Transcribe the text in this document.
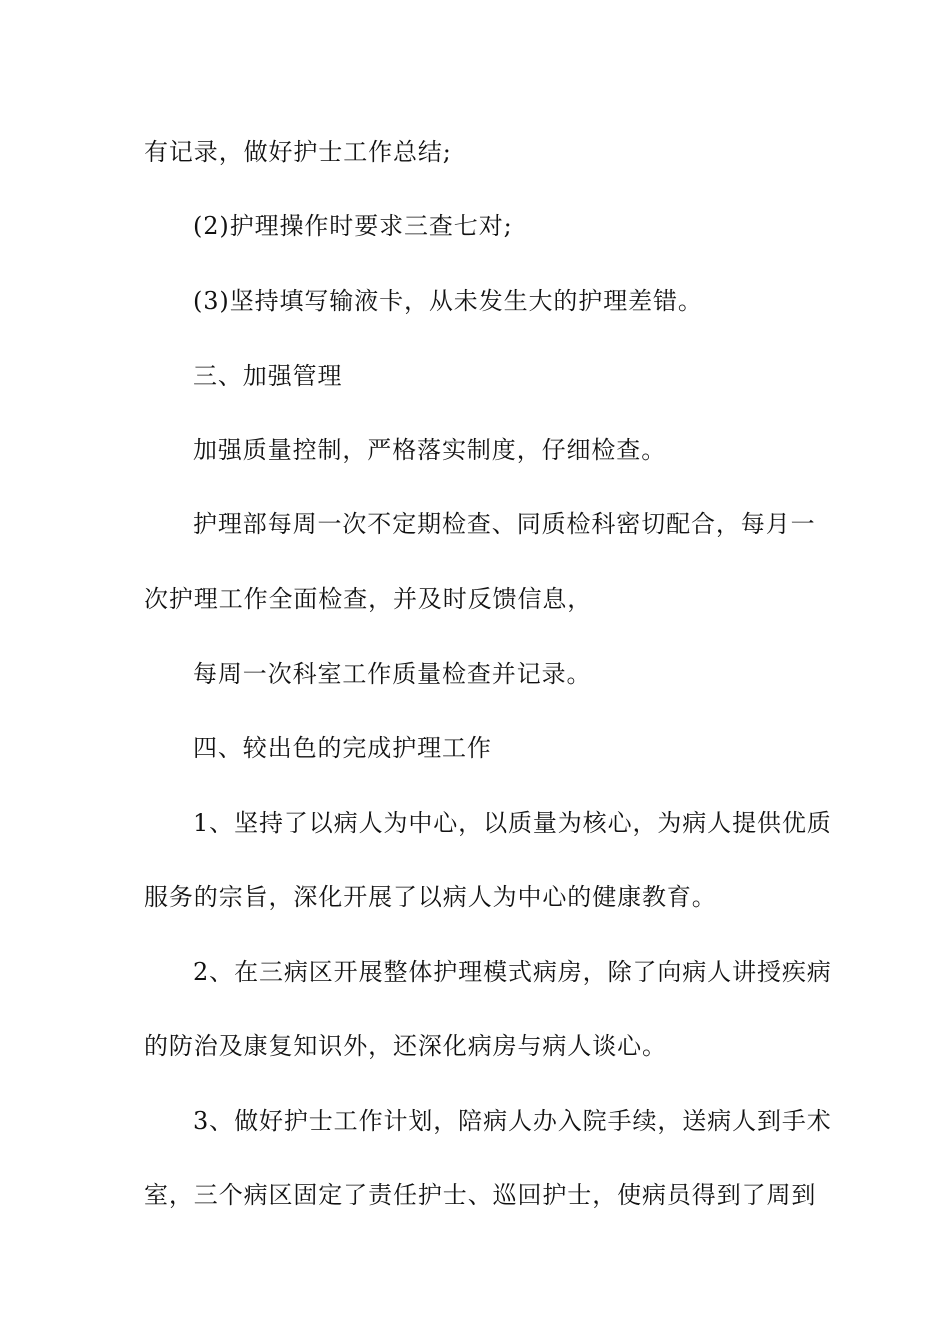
有记录，做好护士工作总结;
(2)护理操作时要求三查七对;
(3)坚持填写输液卡，从未发生大的护理差错。
三、加强管理
加强质量控制，严格落实制度，仔细检查。
护理部每周一次不定期检查、同质检科密切配合，每月一
次护理工作全面检查，并及时反馈信息，
每周一次科室工作质量检查并记录。
四、较出色的完成护理工作
1、坚持了以病人为中心，以质量为核心，为病人提供优质
服务的宗旨，深化开展了以病人为中心的健康教育。
2、在三病区开展整体护理模式病房，除了向病人讲授疾病
的防治及康复知识外，还深化病房与病人谈心。
3、做好护士工作计划，陪病人办入院手续，送病人到手术
室，三个病区固定了责任护士、巡回护士，使病员得到了周到
